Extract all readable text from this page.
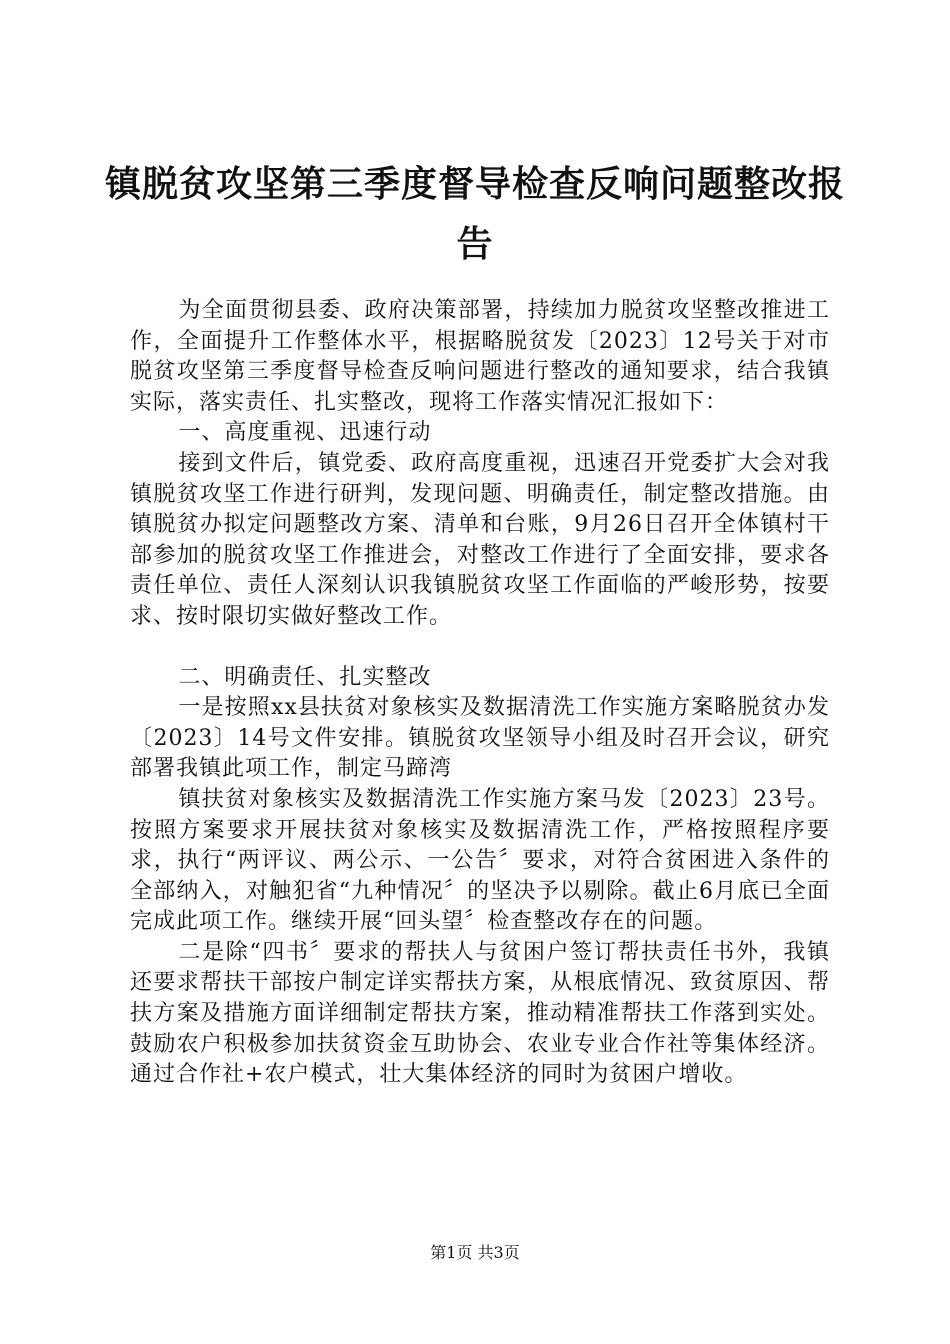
镇脱贫攻坚第三季度督导检查反响问题整改报
告

为全面贯彻县委、政府决策部署，持续加力脱贫攻坚整改推进工作，全面提升工作整体水平，根据略脱贫发〔2023〕12号关于对市脱贫攻坚第三季度督导检查反响问题进行整改的通知要求，结合我镇实际，落实责任、扎实整改，现将工作落实情况汇报如下：

一、高度重视、迅速行动

接到文件后，镇党委、政府高度重视，迅速召开党委扩大会对我镇脱贫攻坚工作进行研判，发现问题、明确责任，制定整改措施。由镇脱贫办拟定问题整改方案、清单和台账，9月26日召开全体镇村干部参加的脱贫攻坚工作推进会，对整改工作进行了全面安排，要求各责任单位、责任人深刻认识我镇脱贫攻坚工作面临的严峻形势，按要求、按时限切实做好整改工作。

二、明确责任、扎实整改

一是按照xx县扶贫对象核实及数据清洗工作实施方案略脱贫办发〔2023〕14号文件安排。镇脱贫攻坚领导小组及时召开会议，研究部署我镇此项工作，制定马蹄湾

镇扶贫对象核实及数据清洗工作实施方案马发〔2023〕23号。按照方案要求开展扶贫对象核实及数据清洗工作，严格按照程序要求，执行“两评议、两公示、一公告〞要求，对符合贫困进入条件的全部纳入，对触犯省“九种情况〞的坚决予以剔除。截止6月底已全面完成此项工作。继续开展“回头望〞检查整改存在的问题。

二是除“四书〞要求的帮扶人与贫困户签订帮扶责任书外，我镇还要求帮扶干部按户制定详实帮扶方案，从根底情况、致贫原因、帮扶方案及措施方面详细制定帮扶方案，推动精准帮扶工作落到实处。鼓励农户积极参加扶贫资金互助协会、农业专业合作社等集体经济。通过合作社+农户模式，壮大集体经济的同时为贫困户增收。

第1页 共3页
